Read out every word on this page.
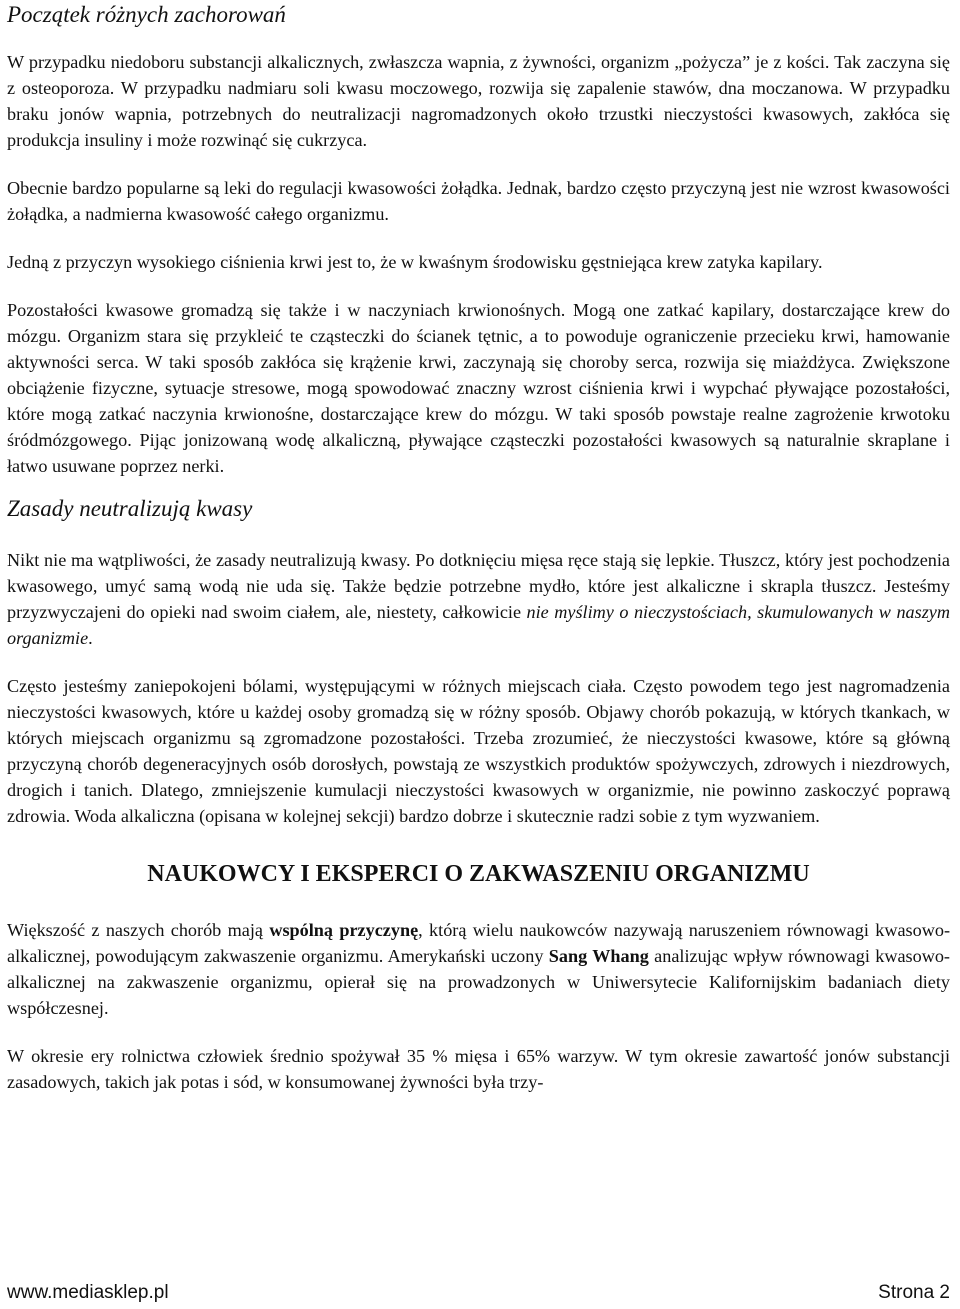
Początek różnych zachorowań

W przypadku niedoboru substancji alkalicznych, zwłaszcza wapnia, z żywności, organizm „pożycza” je z kości. Tak zaczyna się z osteoporoza. W przypadku nadmiaru soli kwasu moczowego, rozwija się zapalenie stawów, dna moczanowa. W przypadku braku jonów wapnia, potrzebnych do neutralizacji nagromadzonych około trzustki nieczystości kwasowych, zakłóca się produkcja insuliny i może rozwinąć się cukrzyca.

Obecnie bardzo popularne są leki do regulacji kwasowości żołądka. Jednak, bardzo często przyczyną jest nie wzrost kwasowości żołądka, a nadmierna kwasowość całego organizmu.

Jedną z przyczyn wysokiego ciśnienia krwi jest to, że w kwaśnym środowisku gęstniejąca krew zatyka kapilary.

Pozostałości kwasowe gromadzą się także i w naczyniach krwionośnych. Mogą one zatkać kapilary, dostarczające krew do mózgu. Organizm stara się przykleić te cząsteczki do ścianek tętnic, a to powoduje ograniczenie przecieku krwi, hamowanie aktywności serca. W taki sposób zakłóca się krążenie krwi, zaczynają się choroby serca, rozwija się miażdżyca. Zwiększone obciążenie fizyczne, sytuacje stresowe, mogą spowodować znaczny wzrost ciśnienia krwi i wypchać pływające pozostałości, które mogą zatkać naczynia krwionośne, dostarczające krew do mózgu. W taki sposób powstaje realne zagrożenie krwotoku śródmózgowego. Pijąc jonizowaną wodę alkaliczną, pływające cząsteczki pozostałości kwasowych są naturalnie skraplane i łatwo usuwane poprzez nerki.

Zasady neutralizują kwasy

Nikt nie ma wątpliwości, że zasady neutralizują kwasy. Po dotknięciu mięsa ręce stają się lepkie. Tłuszcz, który jest pochodzenia kwasowego, umyć samą wodą nie uda się. Także będzie potrzebne mydło, które jest alkaliczne i skrapla tłuszcz. Jesteśmy przyzwyczajeni do opieki nad swoim ciałem, ale, niestety, całkowicie nie myślimy o nieczystościach, skumulowanych w naszym organizmie.

Często jesteśmy zaniepokojeni bólami, występującymi w różnych miejscach ciała. Często powodem tego jest nagromadzenia nieczystości kwasowych, które u każdej osoby gromadzą się w różny sposób. Objawy chorób pokazują, w których tkankach, w których miejscach organizmu są zgromadzone pozostałości. Trzeba zrozumieć, że nieczystości kwasowe, które są główną przyczyną chorób degeneracyjnych osób dorosłych, powstają ze wszystkich produktów spożywczych, zdrowych i niezdrowych, drogich i tanich. Dlatego, zmniejszenie kumulacji nieczystości kwasowych w organizmie, nie powinno zaskoczyć poprawą zdrowia. Woda alkaliczna (opisana w kolejnej sekcji) bardzo dobrze i skutecznie radzi sobie z tym wyzwaniem.

NAUKOWCY I EKSPERCI O ZAKWASZENIU ORGANIZMU

Większość z naszych chorób mają wspólną przyczynę, którą wielu naukowców nazywają naruszeniem równowagi kwasowo-alkalicznej, powodującym zakwaszenie organizmu. Amerykański uczony Sang Whang analizując wpływ równowagi kwasowo-alkalicznej na zakwaszenie organizmu, opierał się na prowadzonych w Uniwersytecie Kalifornijskim badaniach diety współczesnej.

W okresie ery rolnictwa człowiek średnio spożywał 35 % mięsa i 65% warzyw. W tym okresie zawartość jonów substancji zasadowych, takich jak potas i sód, w konsumowanej żywności była trzy-

www.mediasklep.pl	Strona 2
